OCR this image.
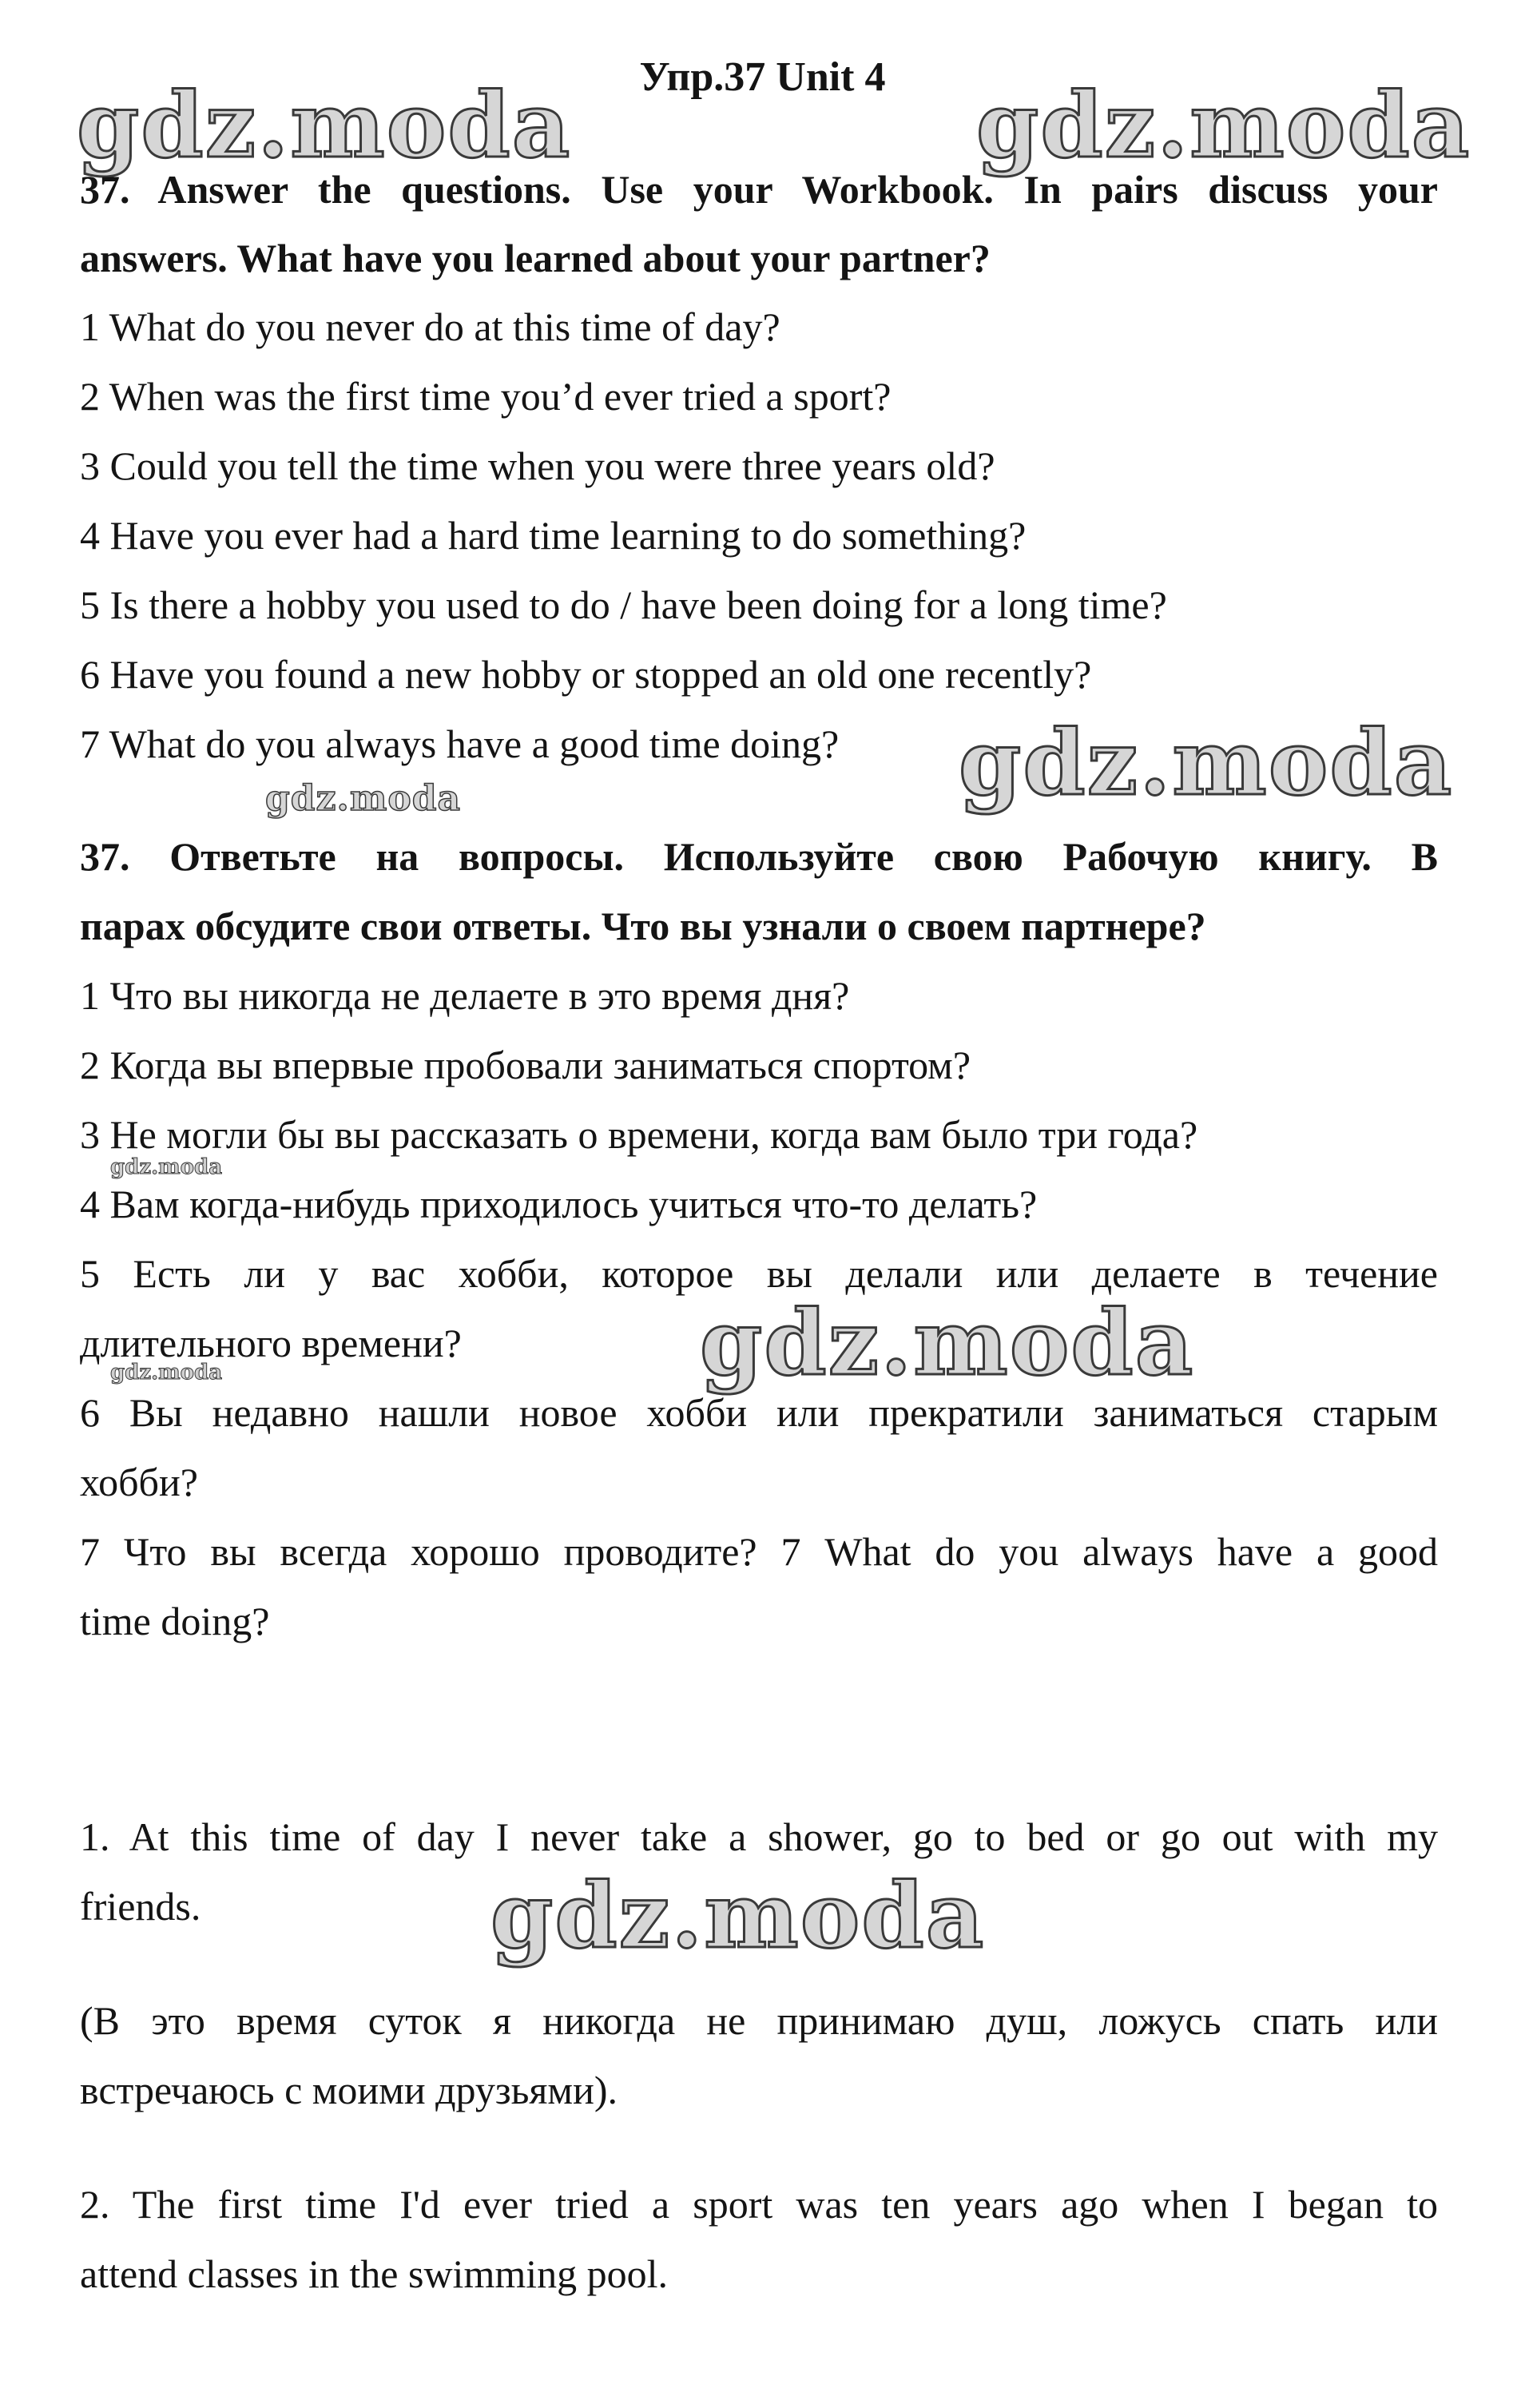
Упр.37 Unit 4
gdz.moda	gdz.moda
gdz.moda
gdz.moda
gdz.moda
gdz.moda
gdz.moda
gdz.moda
37. Answer the questions. Use your Workbook. In pairs discuss your
answers. What have you learned about your partner?
1 What do you never do at this time of day?
2 When was the first time you’d ever tried a sport?
3 Could you tell the time when you were three years old?
4 Have you ever had a hard time learning to do something?
5 Is there a hobby you used to do / have been doing for a long time?
6 Have you found a new hobby or stopped an old one recently?
7 What do you always have a good time doing?
37. Ответьте на вопросы. Используйте свою Рабочую книгу. В
парах обсудите свои ответы. Что вы узнали о своем партнере?
1 Что вы никогда не делаете в это время дня?
2 Когда вы впервые пробовали заниматься спортом?
3 Не могли бы вы рассказать о времени, когда вам было три года?
4 Вам когда-нибудь приходилось учиться что-то делать?
5 Есть ли у вас хобби, которое вы делали или делаете в течение
длительного времени?
6 Вы недавно нашли новое хобби или прекратили заниматься старым
хобби?
7 Что вы всегда хорошо проводите? 7 What do you always have a good
time doing?
1. At this time of day I never take a shower, go to bed or go out with my
friends.
(В это время суток я никогда не принимаю душ, ложусь спать или
встречаюсь с моими друзьями).
2. The first time I'd ever tried a sport was ten years ago when I began to
attend classes in the swimming pool.
